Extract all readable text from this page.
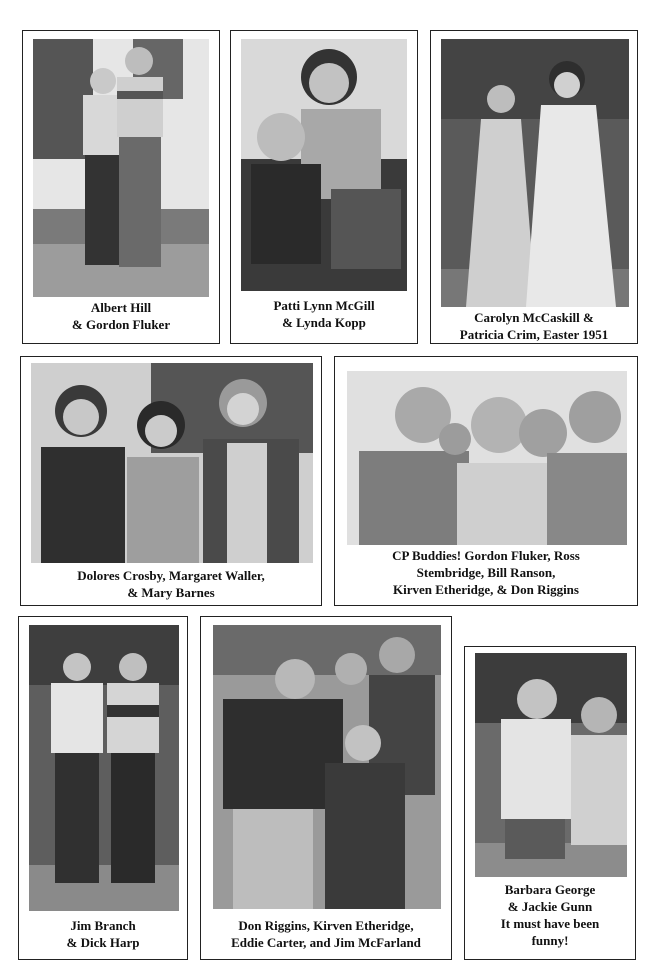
Albert Hill
& Gordon Fluker
Patti Lynn McGill
& Lynda Kopp	Carolyn McCaskill &
Patricia Crim, Easter 1951
Dolores Crosby, Margaret Waller,
& Mary Barnes
CP Buddies! Gordon Fluker, Ross
Stembridge, Bill Ranson,
Kirven Etheridge, & Don Riggins
Jim Branch
& Dick Harp
Don Riggins, Kirven Etheridge,
Eddie Carter, and Jim McFarland
Barbara George
& Jackie Gunn
It must have been
funny!
